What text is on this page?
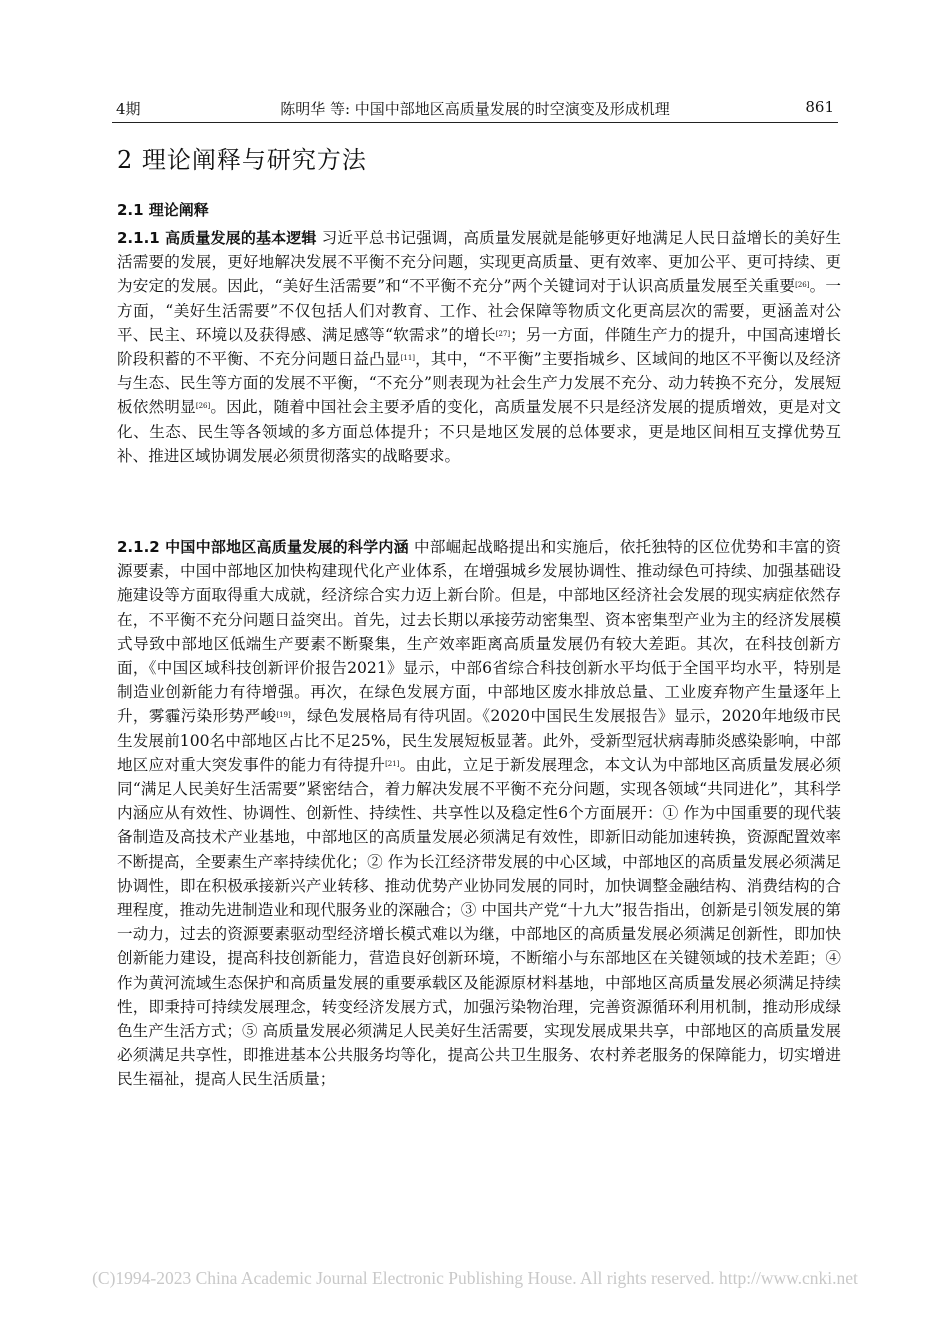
4期	陈明华 等: 中国中部地区高质量发展的时空演变及形成机理	861
2 理论阐释与研究方法
2.1 理论阐释
2.1.1 高质量发展的基本逻辑 习近平总书记强调，高质量发展就是能够更好地满足人民日益增长的美好生活需要的发展，更好地解决发展不平衡不充分问题，实现更高质量、更有效率、更加公平、更可持续、更为安定的发展。因此，“美好生活需要”和“不平衡不充分”两个关键词对于认识高质量发展至关重要[26]。一方面，“美好生活需要”不仅包括人们对教育、工作、社会保障等物质文化更高层次的需要，更涵盖对公平、民主、环境以及获得感、满足感等“软需求”的增长[27]；另一方面，伴随生产力的提升，中国高速增长阶段积蓄的不平衡、不充分问题日益凸显[11]，其中，“不平衡”主要指城乡、区域间的地区不平衡以及经济与生态、民生等方面的发展不平衡，“不充分”则表现为社会生产力发展不充分、动力转换不充分，发展短板依然明显[26]。因此，随着中国社会主要矛盾的变化，高质量发展不只是经济发展的提质增效，更是对文化、生态、民生等各领域的多方面总体提升；不只是地区发展的总体要求，更是地区间相互支撑优势互补、推进区域协调发展必须贯彻落实的战略要求。
2.1.2 中国中部地区高质量发展的科学内涵 中部崛起战略提出和实施后，依托独特的区位优势和丰富的资源要素，中国中部地区加快构建现代化产业体系，在增强城乡发展协调性、推动绿色可持续、加强基础设施建设等方面取得重大成就，经济综合实力迈上新台阶。但是，中部地区经济社会发展的现实病症依然存在，不平衡不充分问题日益突出。首先，过去长期以承接劳动密集型、资本密集型产业为主的经济发展模式导致中部地区低端生产要素不断聚集，生产效率距离高质量发展仍有较大差距。其次，在科技创新方面，《中国区域科技创新评价报告2021》显示，中部6省综合科技创新水平均低于全国平均水平，特别是制造业创新能力有待增强。再次，在绿色发展方面，中部地区废水排放总量、工业废弃物产生量逐年上升，雾霾污染形势严峻[19]，绿色发展格局有待巩固。《2020中国民生发展报告》显示，2020年地级市民生发展前100名中部地区占比不足25%，民生发展短板显著。此外，受新型冠状病毒肺炎感染影响，中部地区应对重大突发事件的能力有待提升[21]。由此，立足于新发展理念，本文认为中部地区高质量发展必须同“满足人民美好生活需要”紧密结合，着力解决发展不平衡不充分问题，实现各领域“共同进化”，其科学内涵应从有效性、协调性、创新性、持续性、共享性以及稳定性6个方面展开：① 作为中国重要的现代装备制造及高技术产业基地，中部地区的高质量发展必须满足有效性，即新旧动能加速转换，资源配置效率不断提高，全要素生产率持续优化；② 作为长江经济带发展的中心区域，中部地区的高质量发展必须满足协调性，即在积极承接新兴产业转移、推动优势产业协同发展的同时，加快调整金融结构、消费结构的合理程度，推动先进制造业和现代服务业的深融合；③ 中国共产党“十九大”报告指出，创新是引领发展的第一动力，过去的资源要素驱动型经济增长模式难以为继，中部地区的高质量发展必须满足创新性，即加快创新能力建设，提高科技创新能力，营造良好创新环境，不断缩小与东部地区在关键领域的技术差距；④ 作为黄河流域生态保护和高质量发展的重要承载区及能源原材料基地，中部地区高质量发展必须满足持续性，即秉持可持续发展理念，转变经济发展方式，加强污染物治理，完善资源循环利用机制，推动形成绿色生产生活方式；⑤ 高质量发展必须满足人民美好生活需要，实现发展成果共享，中部地区的高质量发展必须满足共享性，即推进基本公共服务均等化，提高公共卫生服务、农村养老服务的保障能力，切实增进民生福祉，提高人民生活质量；
(C)1994-2023 China Academic Journal Electronic Publishing House. All rights reserved. http://www.cnki.net
